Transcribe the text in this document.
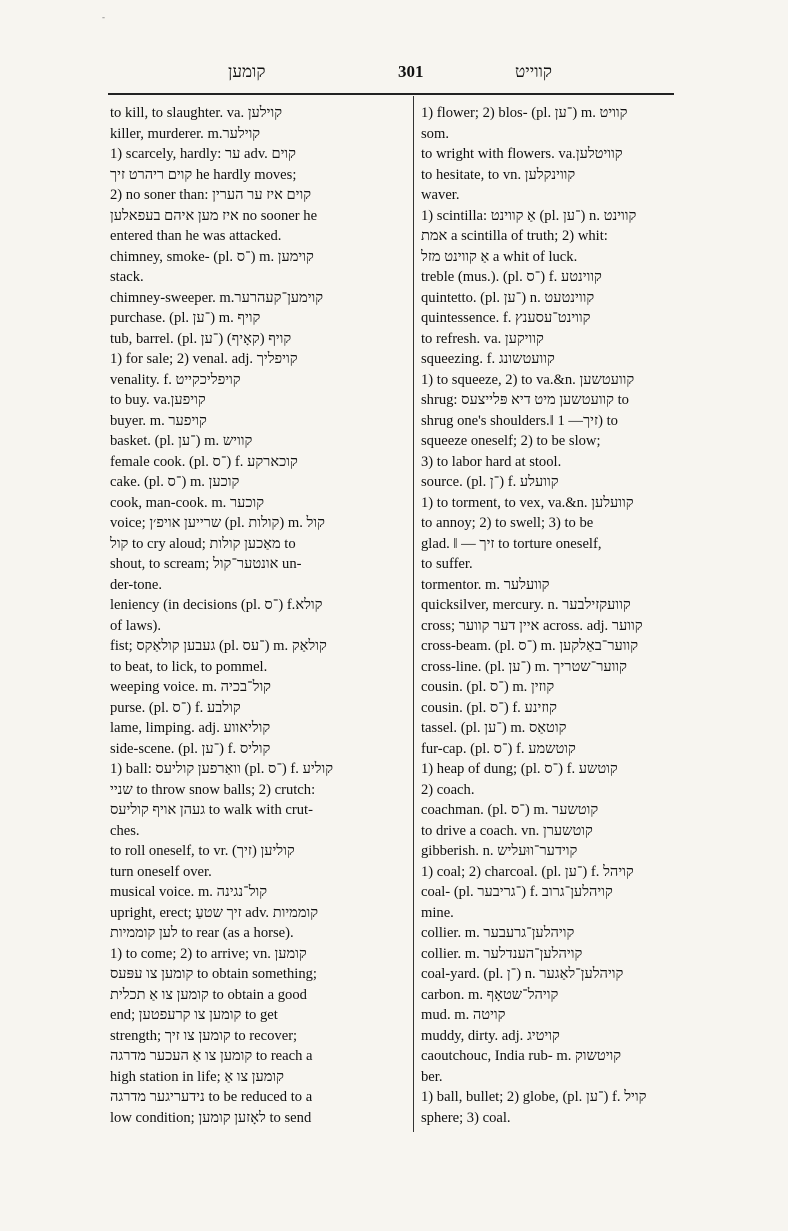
-
קומען	301	קווייט
to kill, to slaughter. va. קוילען
killer, murderer. m.קוילער
1) scarcely, hardly: ער adv. קוים
קוים ריהרט זיך he hardly moves;
2) no soner than: קוים איז ער הערין
איז מען איהם בעפאלען no sooner he
entered than he was attacked.
chimney, smoke- (pl. ־ס) m. קוימען
stack.
chimney-sweeper. m.קוימען־קעהרער
purchase. (pl. ־ען) m. קויף
tub, barrel. (pl. ־ען) (קאָיף) קויף
1) for sale; 2) venal. adj. קויפליך
venality. f. קויפליכקייט
to buy. va.קויפען
buyer. m. קויפער
basket. (pl. ־ען) m. קוויש
female cook. (pl. ־ס) f. קוכארקע
cake. (pl. ־ס) m. קוכען
cook, man-cook. m. קוכער
voice; שרייען אויפ׳ן (pl. קולות) m. קול
קול to cry aloud; מאַכען קולות to
shout, to scream; אונטער־קול un-
der-tone.
leniency (in decisions (pl. ־ס) f.קולא
of laws).
fist; געבען קולאַקס (pl. ־עס) m. קולאַק
to beat, to lick, to pommel.
weeping voice. m. קול־בכיה
purse. (pl. ־ס) f. קולבע
lame, limping. adj. קוליאווע
side-scene. (pl. ־ען) f. קוליס
1) ball: וואַרפען קוליעס (pl. ־ס) f. קוליע
שניי to throw snow balls; 2) crutch:
געהן אויף קוליעס to walk with crut-
ches.
to roll oneself, to vr. (זיך) קוליען
turn oneself over.
musical voice. m. קול־נגינה
upright, erect; זיך שטעַ adv. קוממיות
לען קוממיות to rear (as a horse).
1) to come; 2) to arrive; vn. קומען
קומען צו עפּעס to obtain something;
קומען צו אַ תכלית to obtain a good
end; קומען צו קרעפטען to get
strength; קומען צו זיך to recover;
קומען צו אַ העכער מדרגה to reach a
high station in life; קומען צו אַ
נידעריגער מדרגה to be reduced to a
low condition; לאָזען קומען to send
1) flower; 2) blos- (pl. ־ען) m. קוויט
som.
to wright with flowers. va.קוויטלען
to hesitate, to vn. קווינקלען
waver.
1) scintilla: אַ קווינט (pl. ־ען) n. קווינט
אמת a scintilla of truth; 2) whit:
אַ קווינט מזל a whit of luck.
treble (mus.). (pl. ־ס) f. קווינטע
quintetto. (pl. ־ען) n. קווינטעט
quintessence. f. קווינט־עסענץ
to refresh. va. קוויקען
squeezing. f. קוועטשונג
1) to squeeze, 2) to va.&n. קוועטשען
shrug: קוועטשען מיט דיא פּלייצעס to
shrug one's shoulders.‖ זיך— 1) to
squeeze oneself; 2) to be slow;
3) to labor hard at stool.
source. (pl. ־ן) f. קוועלע
1) to torment, to vex, va.&n. קוועלען
to annoy; 2) to swell; 3) to be
glad. ‖ — זיך to torture oneself,
to suffer.
tormentor. m. קוועלער
quicksilver, mercury. n. קוועקזילבער
cross; איין דער קווער across. adj. קווער
cross-beam. (pl. ־ס) m. קווער־באַלקען
cross-line. (pl. ־ען) m. קווער־שטריך
cousin. (pl. ־ס) m. קוזין
cousin. (pl. ־ס) f. קוזינע
tassel. (pl. ־ען) m. קוטאַס
fur-cap. (pl. ־ס) f. קוטשמע
1) heap of dung; (pl. ־ס) f. קוטשע
2) coach.
coachman. (pl. ־ס) m. קוטשער
to drive a coach. vn. קוטשערן
gibberish. n. קוידער־ווּעליש
1) coal; 2) charcoal. (pl. ־ען) f. קויהל
coal- (pl. ־גריבער) f. קויהלען־גרוב
mine.
collier. m. קויהלען־גרעבער
collier. m. קויהלען־הענדלער
coal-yard. (pl. ־ן) n. קויהלען־לאַגער
carbon. m. קויהל־שטאָף
mud. m. קויטה
muddy, dirty. adj. קויטיג
caoutchouc, India rub- m. קויטשוק
ber.
1) ball, bullet; 2) globe, (pl. ־ען) f. קויל
sphere; 3) coal.
